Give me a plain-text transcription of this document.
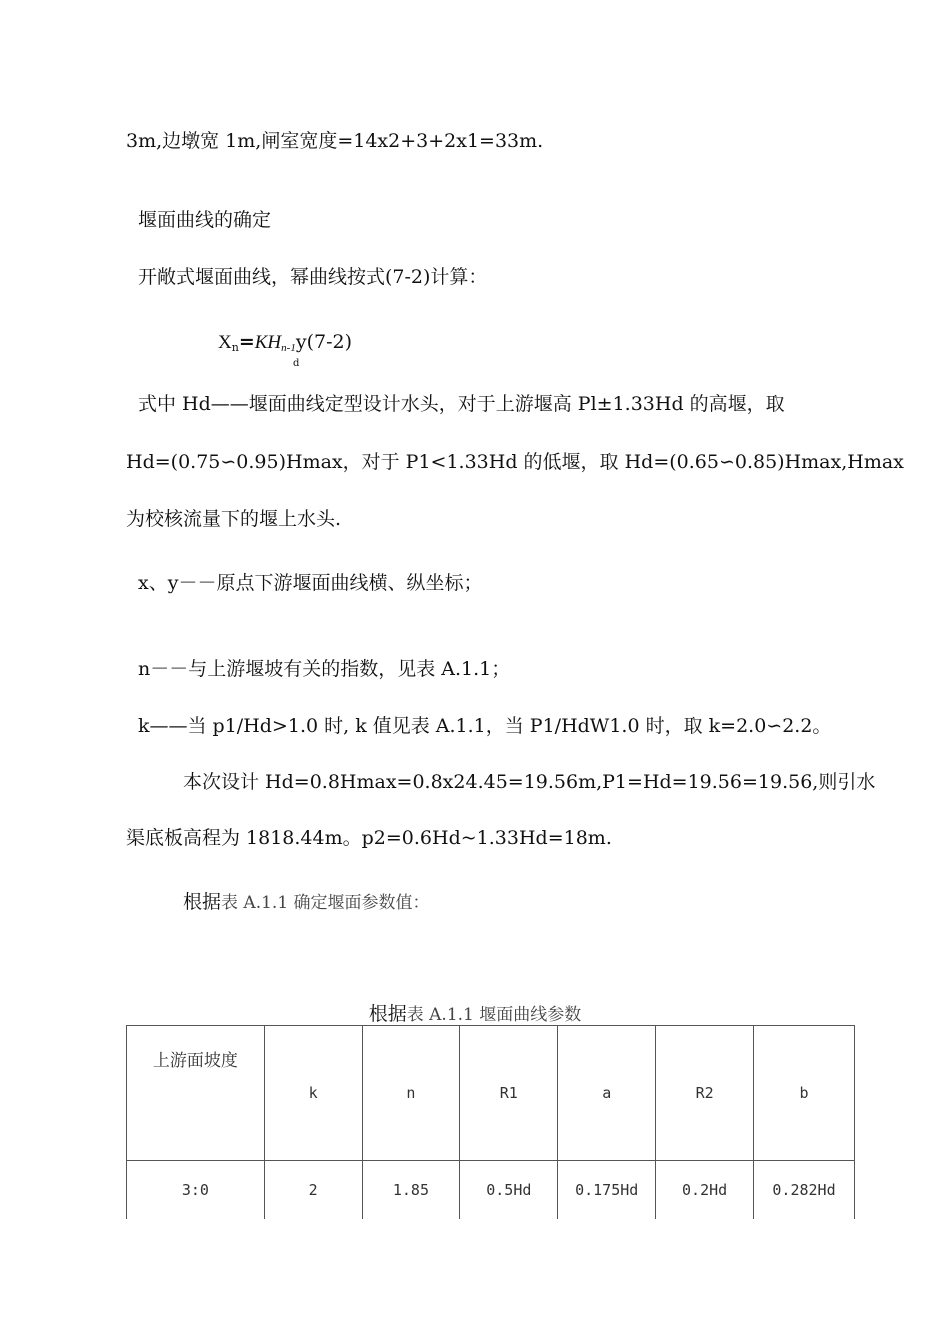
3m,边墩宽 1m,闸室宽度=14x2+3+2x1=33m.
堰面曲线的确定
开敞式堰面曲线，幂曲线按式(7-2)计算：
$X_n=KH_{n-1}y(7-2)$
d
式中 Hd——堰面曲线定型设计水头，对于上游堰高 Pl±1.33Hd 的高堰，取
Hd=(0.75∽0.95)Hmax，对于 P1<1.33Hd 的低堰，取 Hd=(0.65∽0.85)Hmax,Hmax
为校核流量下的堰上水头.
x、y－－原点下游堰面曲线横、纵坐标；
n－－与上游堰坡有关的指数，见表 A.1.1；
k——当 p1/Hd>1.0 时, k 值见表 A.1.1，当 P1/HdW1.0 时，取 k=2.0∽2.2。
本次设计 Hd=0.8Hmax=0.8x24.45=19.56m,P1=Hd=19.56=19.56,则引水
渠底板高程为 1818.44m。p2=0.6Hd~1.33Hd=18m.
根据表 A.1.1 确定堰面参数值：
根据表 A.1.1 堰面曲线参数
上游面坡度	k	n	R1	a	R2	b
3:0	2	1.85	0.5Hd	0.175Hd	0.2Hd	0.282Hd
